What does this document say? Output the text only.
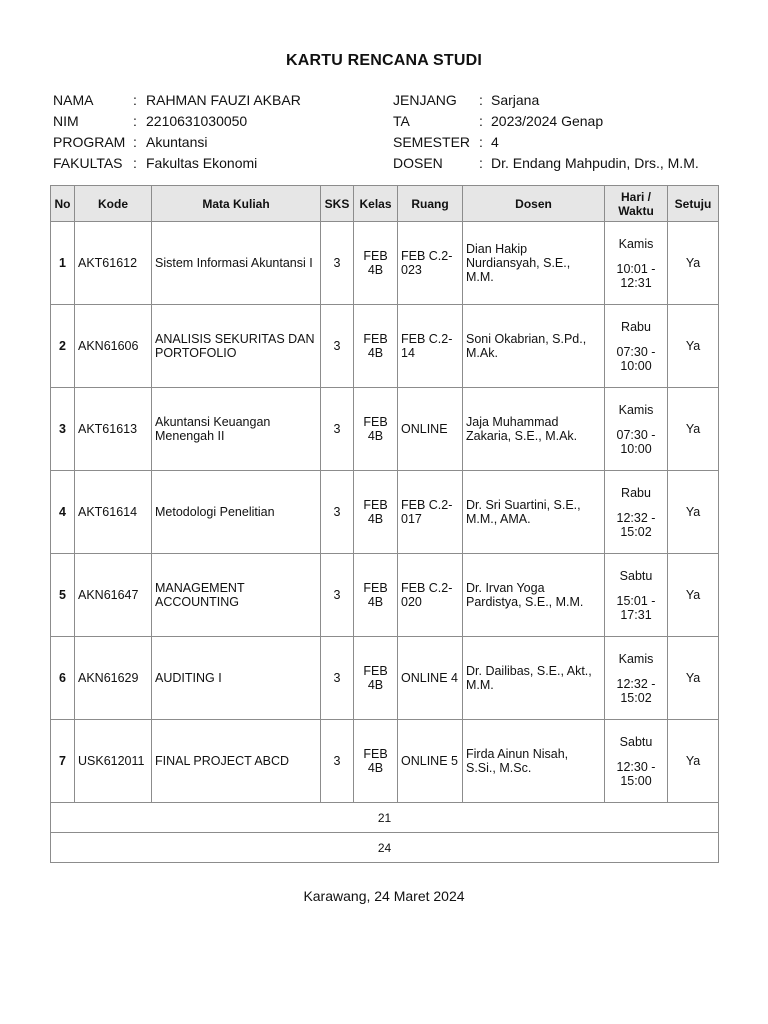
KARTU RENCANA STUDI
NAMA	: RAHMAN FAUZI AKBAR
NIM	: 2210631030050
PROGRAM : Akuntansi
FAKULTAS : Fakultas Ekonomi
JENJANG : Sarjana
TA	: 2023/2024 Genap
SEMESTER : 4
DOSEN	: Dr. Endang Mahpudin, Drs., M.M.
No	Kode	Mata Kuliah	SKS	Kelas	Ruang	Dosen	Hari / Waktu	Setuju
1	AKT61612	Sistem Informasi Akuntansi I	3	FEB 4B	FEB C.2-023	Dian Hakip Nurdiansyah, S.E., M.M.	Kamis
10:01 - 12:31	Ya
2	AKN61606	ANALISIS SEKURITAS DAN PORTOFOLIO	3	FEB 4B	FEB C.2-14	Soni Okabrian, S.Pd., M.Ak.	Rabu
07:30 - 10:00	Ya
3	AKT61613	Akuntansi Keuangan Menengah II	3	FEB 4B	ONLINE	Jaja Muhammad Zakaria, S.E., M.Ak.	Kamis
07:30 - 10:00	Ya
4	AKT61614	Metodologi Penelitian	3	FEB 4B	FEB C.2-017	Dr. Sri Suartini, S.E., M.M., AMA.	Rabu
12:32 - 15:02	Ya
5	AKN61647	MANAGEMENT ACCOUNTING	3	FEB 4B	FEB C.2-020	Dr. Irvan Yoga Pardistya, S.E., M.M.	Sabtu
15:01 - 17:31	Ya
6	AKN61629	AUDITING I	3	FEB 4B	ONLINE 4	Dr. Dailibas, S.E., Akt., M.M.	Kamis
12:32 - 15:02	Ya
7	USK612011	FINAL PROJECT ABCD	3	FEB 4B	ONLINE 5	Firda Ainun Nisah, S.Si., M.Sc.	Sabtu
12:30 - 15:00	Ya
21								
24								
Karawang, 24 Maret 2024
